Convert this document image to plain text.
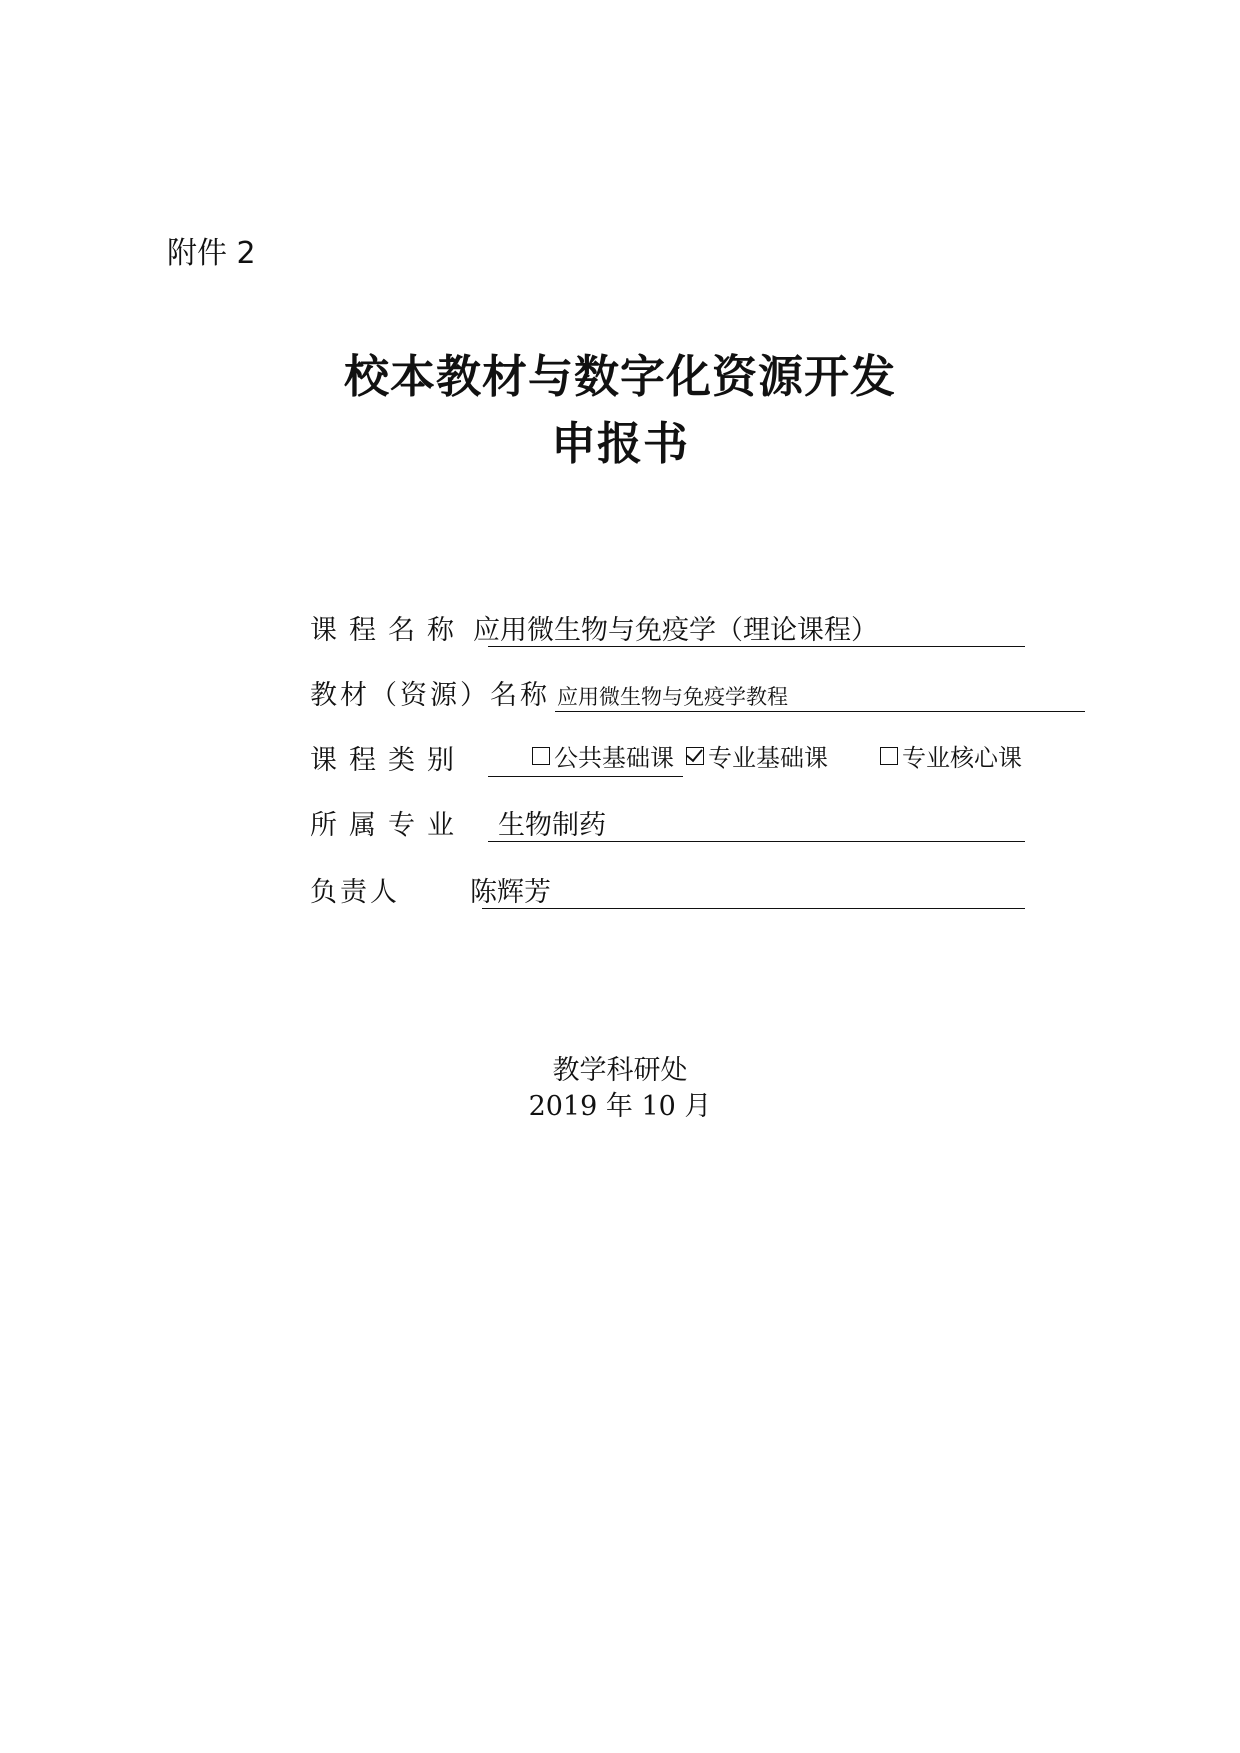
附件 2
校本教材与数字化资源开发
申报书
课程名称 应用微生物与免疫学（理论课程）
教材（资源）名称 应用微生物与免疫学教程
课程类别	公共基础课	专业基础课	专业核心课
所属专业 生物制药
负责人	陈辉芳
教学科研处
2019 年 10 月
